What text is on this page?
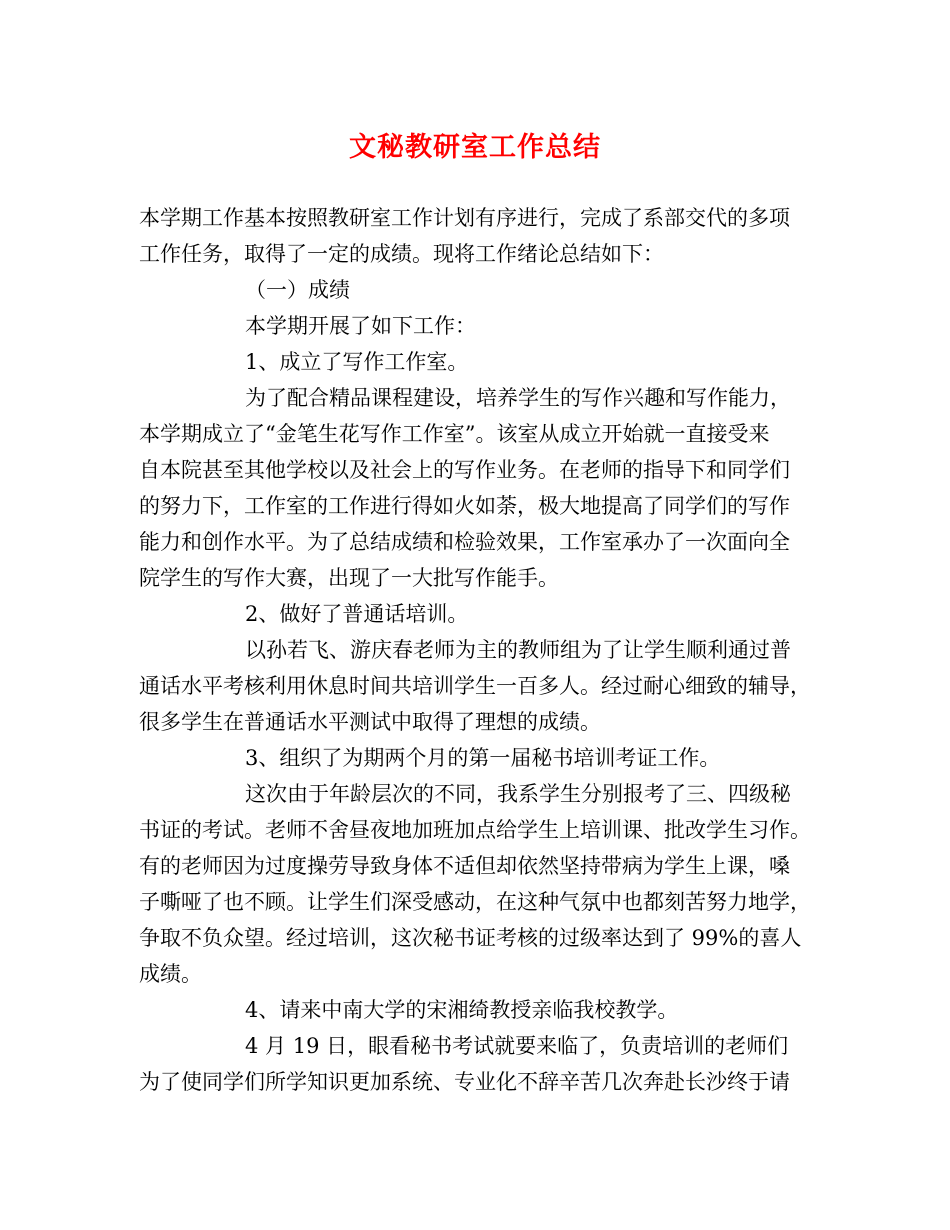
文秘教研室工作总结
本学期工作基本按照教研室工作计划有序进行，完成了系部交代的多项
工作任务，取得了一定的成绩。现将工作绪论总结如下：
（一）成绩
本学期开展了如下工作：
1、成立了写作工作室。
为了配合精品课程建设，培养学生的写作兴趣和写作能力，
本学期成立了“金笔生花写作工作室”。该室从成立开始就一直接受来
自本院甚至其他学校以及社会上的写作业务。在老师的指导下和同学们
的努力下，工作室的工作进行得如火如荼，极大地提高了同学们的写作
能力和创作水平。为了总结成绩和检验效果，工作室承办了一次面向全
院学生的写作大赛，出现了一大批写作能手。
2、做好了普通话培训。
以孙若飞、游庆春老师为主的教师组为了让学生顺利通过普
通话水平考核利用休息时间共培训学生一百多人。经过耐心细致的辅导，
很多学生在普通话水平测试中取得了理想的成绩。
3、组织了为期两个月的第一届秘书培训考证工作。
这次由于年龄层次的不同，我系学生分别报考了三、四级秘
书证的考试。老师不舍昼夜地加班加点给学生上培训课、批改学生习作。
有的老师因为过度操劳导致身体不适但却依然坚持带病为学生上课，嗓
子嘶哑了也不顾。让学生们深受感动，在这种气氛中也都刻苦努力地学，
争取不负众望。经过培训，这次秘书证考核的过级率达到了 99%的喜人
成绩。
4、请来中南大学的宋湘绮教授亲临我校教学。
4 月 19 日，眼看秘书考试就要来临了，负责培训的老师们
为了使同学们所学知识更加系统、专业化不辞辛苦几次奔赴长沙终于请
